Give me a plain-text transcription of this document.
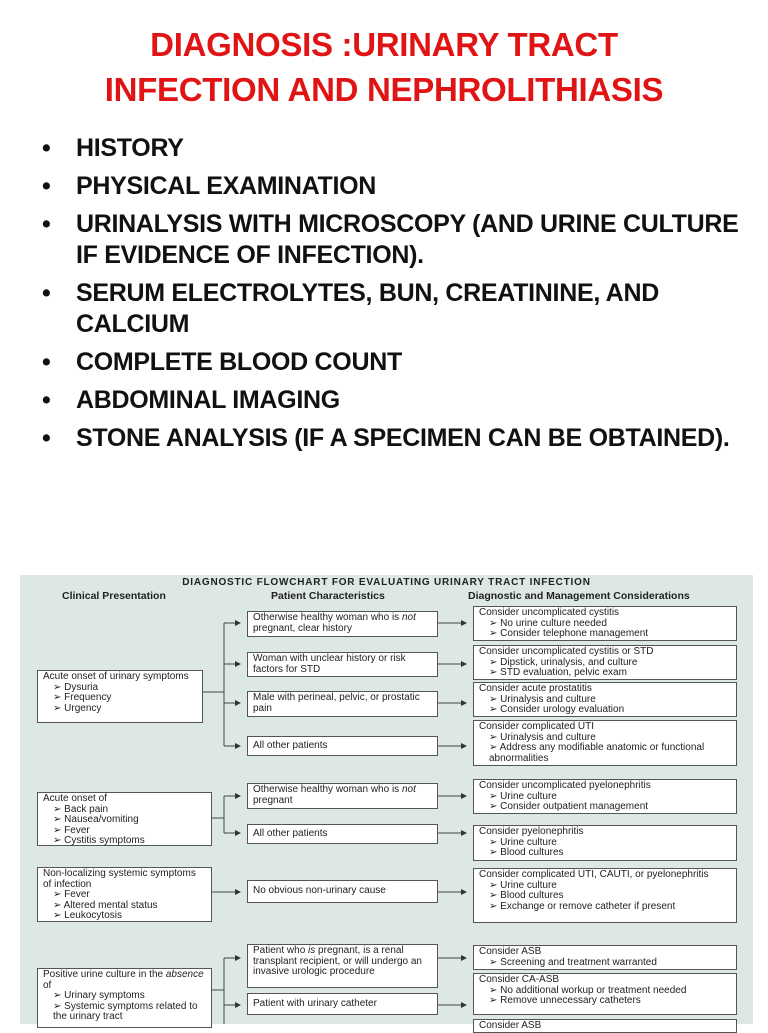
DIAGNOSIS :URINARY TRACT
INFECTION AND NEPHROLITHIASIS
• HISTORY
• PHYSICAL EXAMINATION
• URINALYSIS WITH MICROSCOPY (AND URINE CULTURE IF EVIDENCE OF INFECTION).
• SERUM ELECTROLYTES, BUN, CREATININE, AND CALCIUM
• COMPLETE BLOOD COUNT
• ABDOMINAL IMAGING
• STONE ANALYSIS (IF A SPECIMEN CAN BE OBTAINED).
DIAGNOSTIC FLOWCHART FOR EVALUATING URINARY TRACT INFECTION
Clinical Presentation	Patient Characteristics	Diagnostic and Management Considerations
Acute onset of urinary symptoms
➢ Dysuria
➢ Frequency
➢ Urgency
Acute onset of
➢ Back pain
➢ Nausea/vomiting
➢ Fever
➢ Cystitis symptoms
Non-localizing systemic symptoms of infection
➢ Fever
➢ Altered mental status
➢ Leukocytosis
Positive urine culture in the absence of
➢ Urinary symptoms
➢ Systemic symptoms related to the urinary tract
Otherwise healthy woman who is not pregnant, clear history
Woman with unclear history or risk factors for STD
Male with perineal, pelvic, or prostatic pain
All other patients
Otherwise healthy woman who is not pregnant
All other patients
No obvious non-urinary cause
Patient who is pregnant, is a renal transplant recipient, or will undergo an invasive urologic procedure
Patient with urinary catheter
Consider uncomplicated cystitis
➢ No urine culture needed
➢ Consider telephone management
Consider uncomplicated cystitis or STD
➢ Dipstick, urinalysis, and culture
➢ STD evaluation, pelvic exam
Consider acute prostatitis
➢ Urinalysis and culture
➢ Consider urology evaluation
Consider complicated UTI
➢ Urinalysis and culture
➢ Address any modifiable anatomic or functional abnormalities
Consider uncomplicated pyelonephritis
➢ Urine culture
➢ Consider outpatient management
Consider pyelonephritis
➢ Urine culture
➢ Blood cultures
Consider complicated UTI, CAUTI, or pyelonephritis
➢ Urine culture
➢ Blood cultures
➢ Exchange or remove catheter if present
Consider ASB
➢ Screening and treatment warranted
Consider CA-ASB
➢ No additional workup or treatment needed
➢ Remove unnecessary catheters
Consider ASB
